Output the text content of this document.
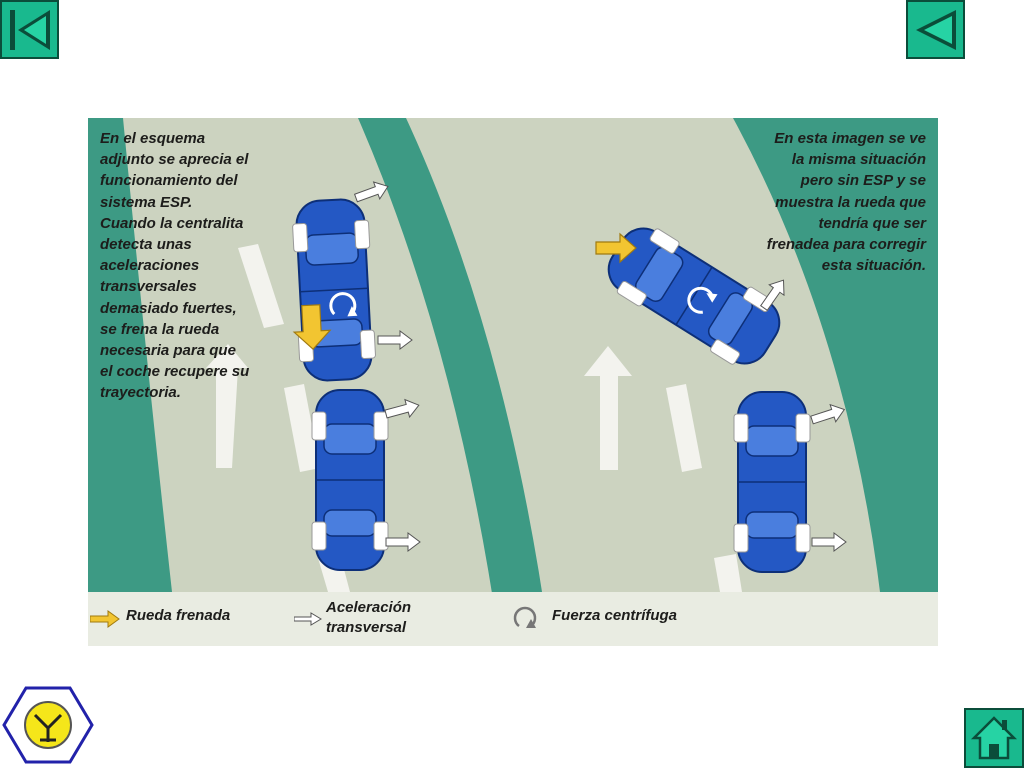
En el esquema adjunto se aprecia el funcionamiento del sistema ESP. Cuando la centralita detecta unas aceleraciones transversales demasiado fuertes, se frena la rueda necesaria para que el coche recupere su trayectoria.

En esta imagen se ve la misma situación pero sin ESP y se muestra la rueda que tendría que ser frenadea para corregir esta situación.

Rueda frenada	Aceleración
transversal
Fuerza centrífuga
